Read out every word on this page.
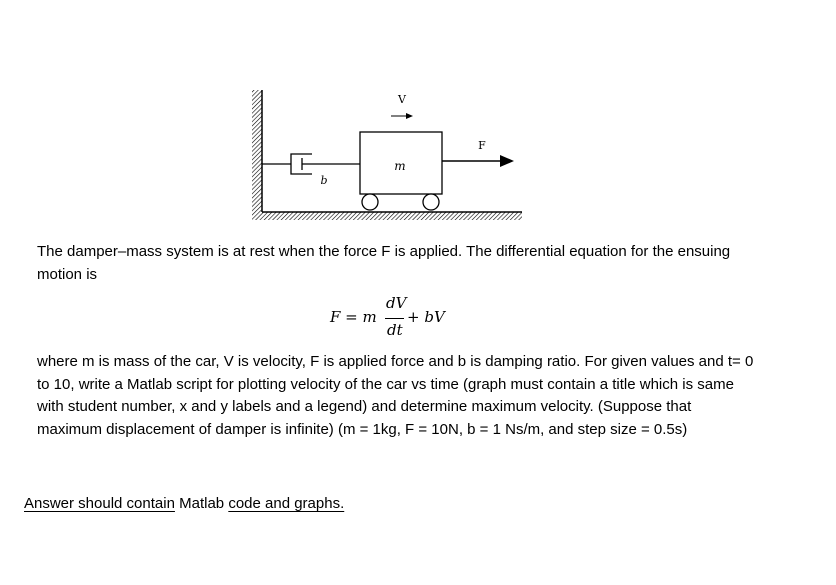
V
F
m
b

The damper–mass system is at rest when the force F is applied. The differential equation for the ensuing motion is

F = m
dV
dt
+ bV

where m is mass of the car, V is velocity, F is applied force and b is damping ratio. For given values and t= 0 to 10, write a Matlab script for plotting velocity of the car vs time (graph must contain a title which is same with student number, x and y labels and a legend) and determine maximum velocity. (Suppose that maximum displacement of damper is infinite) (m = 1kg, F = 10N, b = 1 Ns/m, and step size = 0.5s)

Answer should contain Matlab code and graphs.
